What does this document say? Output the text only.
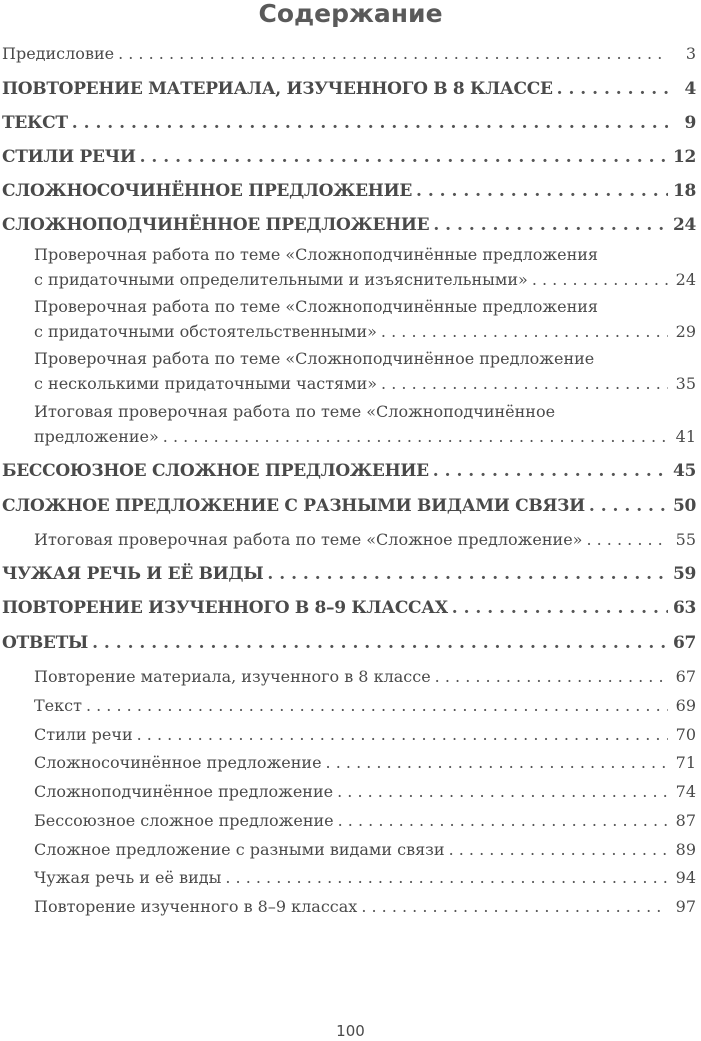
Содержание
Предисловие . . .	3
ПОВТОРЕНИЕ МАТЕРИАЛА, ИЗУЧЕННОГО В 8 КЛАССЕ . . .	4
ТЕКСТ . . .	9
СТИЛИ РЕЧИ . . .	12
СЛОЖНОСОЧИНЁННОЕ ПРЕДЛОЖЕНИЕ . . .	18
СЛОЖНОПОДЧИНЁННОЕ ПРЕДЛОЖЕНИЕ . . .	24
Проверочная работа по теме «Сложноподчинённые предложения
с придаточными определительными и изъяснительными» . . .	24
Проверочная работа по теме «Сложноподчинённые предложения
с придаточными обстоятельственными» . . .	29
Проверочная работа по теме «Сложноподчинённое предложение
с несколькими придаточными частями» . . .	35
Итоговая проверочная работа по теме «Сложноподчинённое
предложение» . . .	41
БЕССОЮЗНОЕ СЛОЖНОЕ ПРЕДЛОЖЕНИЕ . . .	45
СЛОЖНОЕ ПРЕДЛОЖЕНИЕ С РАЗНЫМИ ВИДАМИ СВЯЗИ . . .	50
Итоговая проверочная работа по теме «Сложное предложение» . . .	55
ЧУЖАЯ РЕЧЬ И ЕЁ ВИДЫ . . .	59
ПОВТОРЕНИЕ ИЗУЧЕННОГО В 8–9 КЛАССАХ . . .	63
ОТВЕТЫ . . .	67
Повторение материала, изученного в 8 классе . . .	67
Текст . . .	69
Стили речи . . .	70
Сложносочинённое предложение . . .	71
Сложноподчинённое предложение . . .	74
Бессоюзное сложное предложение . . .	87
Сложное предложение с разными видами связи . . .	89
Чужая речь и её виды . . .	94
Повторение изученного в 8–9 классах . . .	97
100
